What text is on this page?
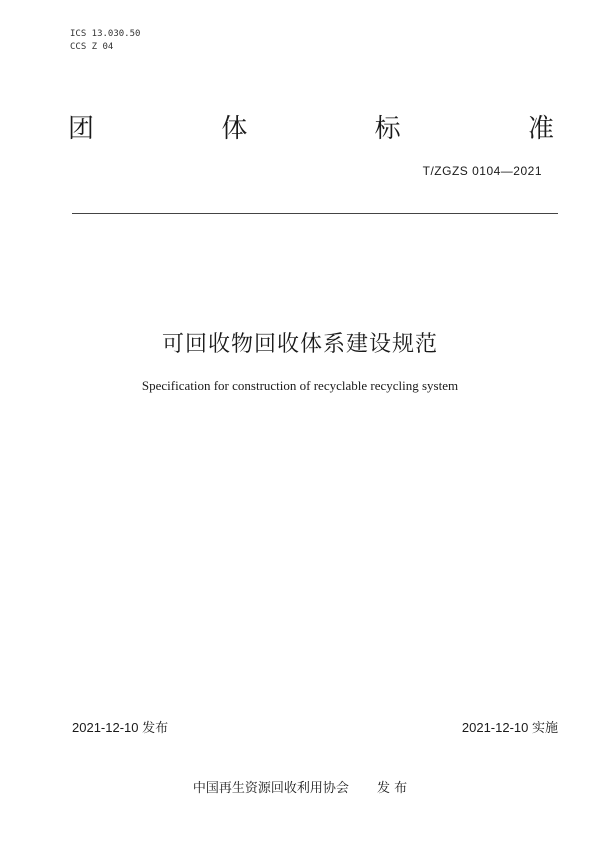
ICS 13.030.50
CCS Z 04
团	体	标	准
T/ZGZS 0104—2021
可回收物回收体系建设规范
Specification for construction of recyclable recycling system
2021-12-10 发布	2021-12-10 实施
中国再生资源回收利用协会 发 布
